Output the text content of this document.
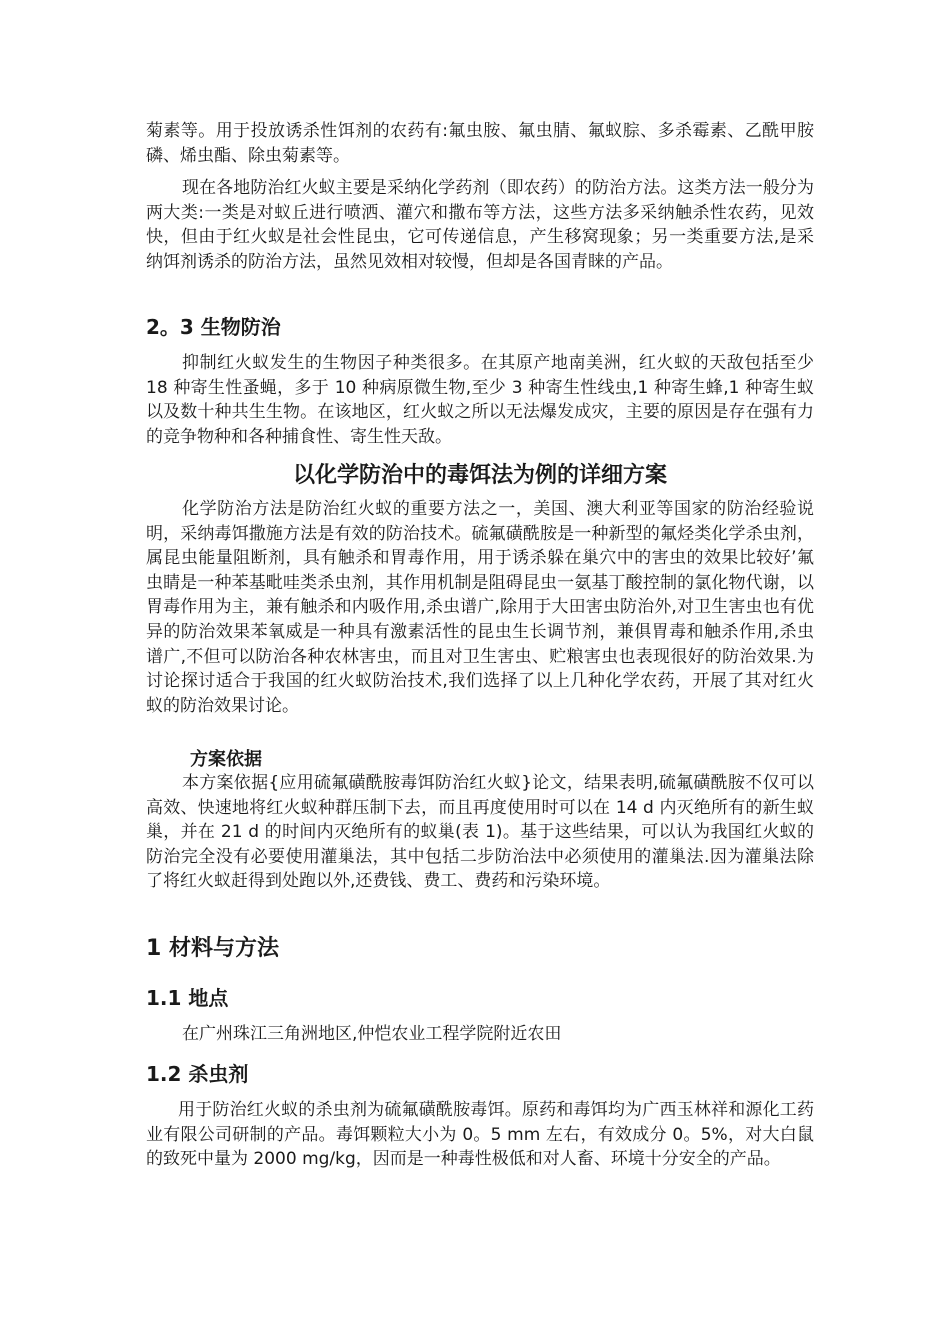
菊素等。用于投放诱杀性饵剂的农药有:氟虫胺、氟虫腈、氟蚁腙、多杀霉素、乙酰甲胺磷、烯虫酯、除虫菊素等。

现在各地防治红火蚁主要是采纳化学药剂（即农药）的防治方法。这类方法一般分为两大类:一类是对蚁丘进行喷洒、灌穴和撒布等方法，这些方法多采纳触杀性农药，见效快，但由于红火蚁是社会性昆虫，它可传递信息，产生移窝现象；另一类重要方法,是采纳饵剂诱杀的防治方法，虽然见效相对较慢，但却是各国青睐的产品。

2。3 生物防治

抑制红火蚁发生的生物因子种类很多。在其原产地南美洲，红火蚁的天敌包括至少 18 种寄生性蚤蝇，多于 10 种病原微生物,至少 3 种寄生性线虫,1 种寄生蜂,1 种寄生蚁以及数十种共生生物。在该地区，红火蚁之所以无法爆发成灾，主要的原因是存在强有力的竞争物种和各种捕食性、寄生性天敌。

以化学防治中的毒饵法为例的详细方案

化学防治方法是防治红火蚁的重要方法之一，美国、澳大利亚等国家的防治经验说明，采纳毒饵撒施方法是有效的防治技术。硫氟磺酰胺是一种新型的氟烃类化学杀虫剂，属昆虫能量阻断剂，具有触杀和胃毒作用，用于诱杀躲在巢穴中的害虫的效果比较好’氟虫睛是一种苯基毗哇类杀虫剂，其作用机制是阻碍昆虫一氨基丁酸控制的氯化物代谢，以胃毒作用为主，兼有触杀和内吸作用,杀虫谱广,除用于大田害虫防治外,对卫生害虫也有优异的防治效果苯氧威是一种具有激素活性的昆虫生长调节剂，兼俱胃毒和触杀作用,杀虫谱广,不但可以防治各种农林害虫，而且对卫生害虫、贮粮害虫也表现很好的防治效果.为讨论探讨适合于我国的红火蚁防治技术,我们选择了以上几种化学农药，开展了其对红火蚁的防治效果讨论。

方案依据

本方案依据{应用硫氟磺酰胺毒饵防治红火蚁}论文，结果表明,硫氟磺酰胺不仅可以高效、快速地将红火蚁种群压制下去，而且再度使用时可以在 14 d 内灭绝所有的新生蚁巢，并在 21 d 的时间内灭绝所有的蚁巢(表 1)。基于这些结果，可以认为我国红火蚁的防治完全没有必要使用灌巢法，其中包括二步防治法中必须使用的灌巢法.因为灌巢法除了将红火蚁赶得到处跑以外,还费钱、费工、费药和污染环境。

1 材料与方法
1.1 地点

在广州珠江三角洲地区,仲恺农业工程学院附近农田

1.2 杀虫剂

用于防治红火蚁的杀虫剂为硫氟磺酰胺毒饵。原药和毒饵均为广西玉林祥和源化工药业有限公司研制的产品。毒饵颗粒大小为 0。5 mm 左右，有效成分 0。5%，对大白鼠的致死中量为 2000 mg/kg，因而是一种毒性极低和对人畜、环境十分安全的产品。
